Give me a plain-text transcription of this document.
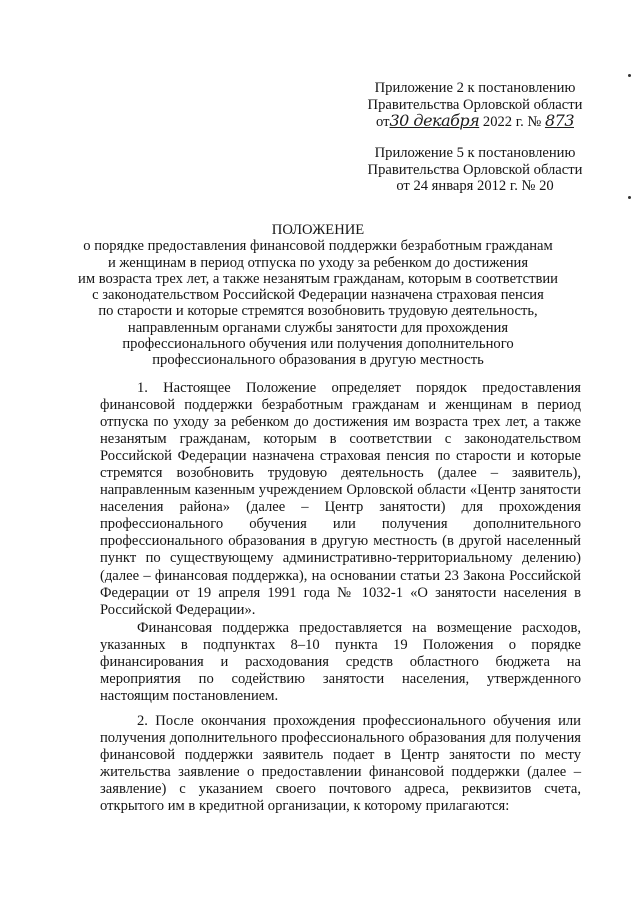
Приложение 2 к постановлению
Правительства Орловской области
от30 декабря 2022 г. № 873
Приложение 5 к постановлению
Правительства Орловской области
от 24 января 2012 г. № 20
ПОЛОЖЕНИЕ
о порядке предоставления финансовой поддержки безработным гражданам
и женщинам в период отпуска по уходу за ребенком до достижения
им возраста трех лет, а также незанятым гражданам, которым в соответствии
с законодательством Российской Федерации назначена страховая пенсия
по старости и которые стремятся возобновить трудовую деятельность,
направленным органами службы занятости для прохождения
профессионального обучения или получения дополнительного
профессионального образования в другую местность

1. Настоящее Положение определяет порядок предоставления финансовой поддержки безработным гражданам и женщинам в период отпуска по уходу за ребенком до достижения им возраста трех лет, а также незанятым гражданам, которым в соответствии с законодательством Российской Федерации назначена страховая пенсия по старости и которые стремятся возобновить трудовую деятельность (далее – заявитель), направленным казенным учреждением Орловской области «Центр занятости населения района» (далее – Центр занятости) для прохождения профессионального обучения или получения дополнительного профессионального образования в другую местность (в другой населенный пункт по существующему административно-территориальному делению) (далее – финансовая поддержка), на основании статьи 23 Закона Российской Федерации от 19 апреля 1991 года № 1032-1 «О занятости населения в Российской Федерации».

Финансовая поддержка предоставляется на возмещение расходов, указанных в подпунктах 8–10 пункта 19 Положения о порядке финансирования и расходования средств областного бюджета на мероприятия по содействию занятости населения, утвержденного настоящим постановлением.

2. После окончания прохождения профессионального обучения или получения дополнительного профессионального образования для получения финансовой поддержки заявитель подает в Центр занятости по месту жительства заявление о предоставлении финансовой поддержки (далее – заявление) с указанием своего почтового адреса, реквизитов счета, открытого им в кредитной организации, к которому прилагаются:
